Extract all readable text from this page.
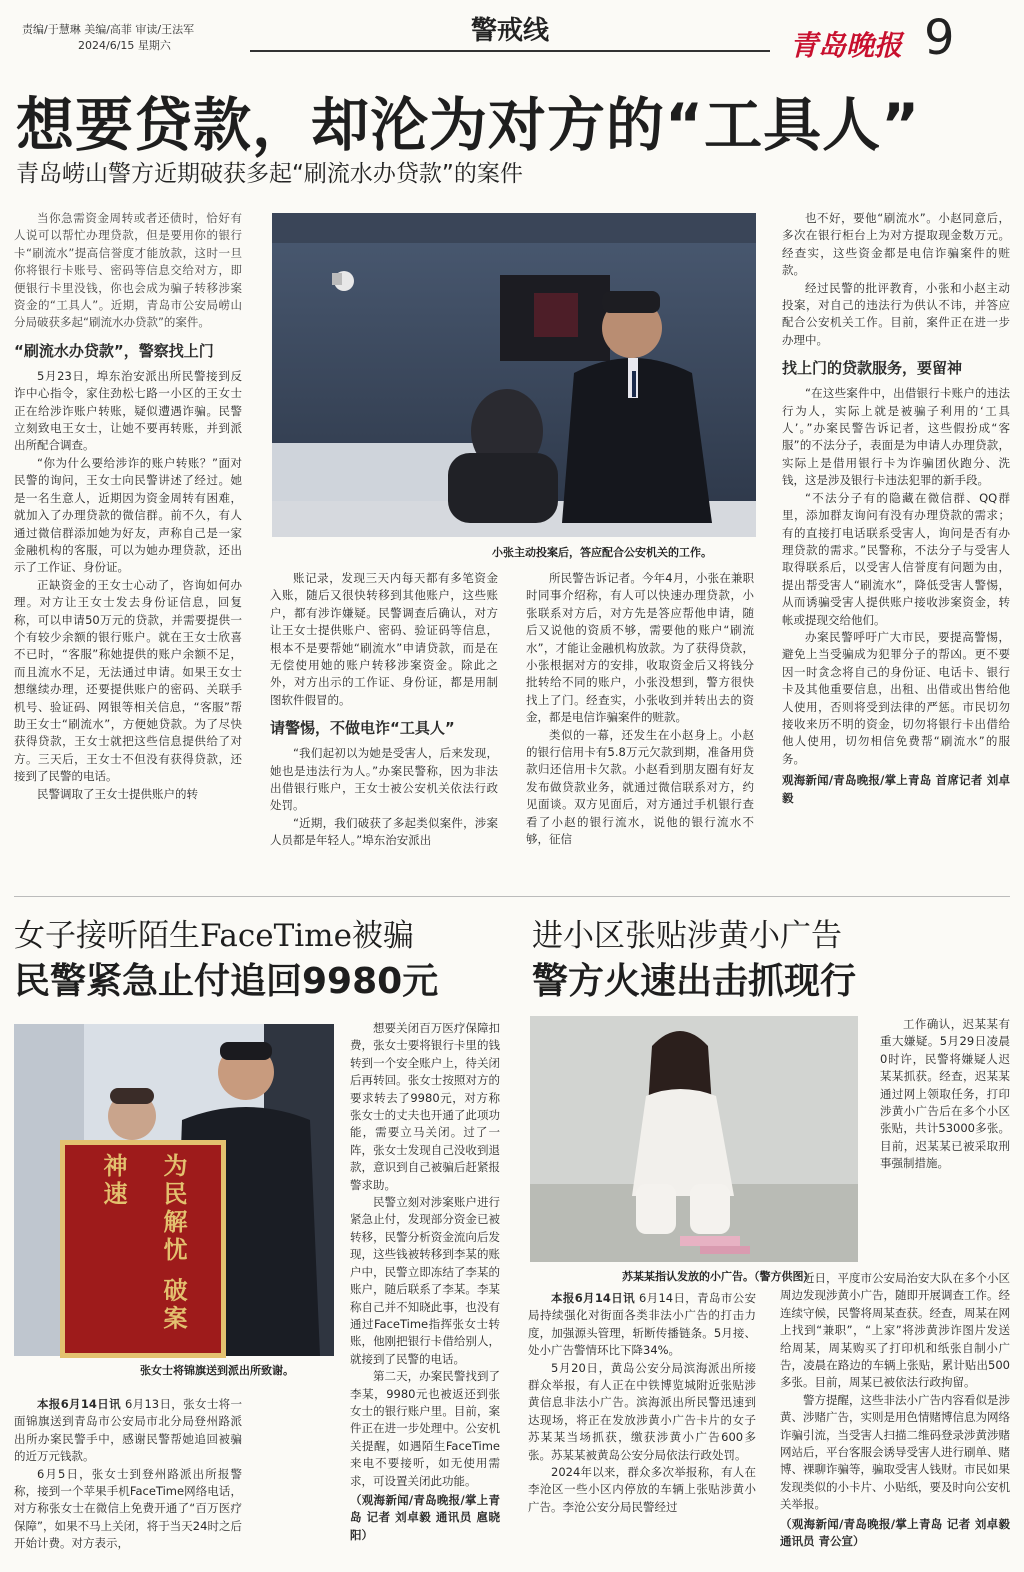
责编/于慧琳 美编/高菲 审读/王法军
2024/6/15 星期六	警戒线	青岛晚报 9
想要贷款，却沦为对方的“工具人”
青岛崂山警方近期破获多起“刷流水办贷款”的案件

当你急需资金周转或者还债时，恰好有人说可以帮忙办理贷款，但是要用你的银行卡“刷流水”提高信誉度才能放款，这时一旦你将银行卡账号、密码等信息交给对方，即便银行卡里没钱，你也会成为骗子转移涉案资金的“工具人”。近期，青岛市公安局崂山分局破获多起“刷流水办贷款”的案件。

“刷流水办贷款”，警察找上门

5月23日，埠东治安派出所民警接到反诈中心指令，家住劲松七路一小区的王女士正在给涉诈账户转账，疑似遭遇诈骗。民警立刻致电王女士，让她不要再转账，并到派出所配合调查。

“你为什么要给涉诈的账户转账？”面对民警的询问，王女士向民警讲述了经过。她是一名生意人，近期因为资金周转有困难，就加入了办理贷款的微信群。前不久，有人通过微信群添加她为好友，声称自己是一家金融机构的客服，可以为她办理贷款，还出示了工作证、身份证。

正缺资金的王女士心动了，咨询如何办理。对方让王女士发去身份证信息，回复称，可以申请50万元的贷款，并需要提供一个有较少余额的银行账户。就在王女士欣喜不已时，“客服”称她提供的账户余额不足，而且流水不足，无法通过申请。如果王女士想继续办理，还要提供账户的密码、关联手机号、验证码、网银等相关信息，“客服”帮助王女士“刷流水”，方便她贷款。为了尽快获得贷款，王女士就把这些信息提供给了对方。三天后，王女士不但没有获得贷款，还接到了民警的电话。

民警调取了王女士提供账户的转

小张主动投案后，答应配合公安机关的工作。

账记录，发现三天内每天都有多笔资金入账，随后又很快转移到其他账户，这些账户，都有涉诈嫌疑。民警调查后确认，对方让王女士提供账户、密码、验证码等信息，根本不是要帮她“刷流水”申请贷款，而是在无偿使用她的账户转移涉案资金。除此之外，对方出示的工作证、身份证，都是用制图软件假冒的。

请警惕，不做电诈“工具人”

“我们起初以为她是受害人，后来发现，她也是违法行为人。”办案民警称，因为非法出借银行账户，王女士被公安机关依法行政处罚。

“近期，我们破获了多起类似案件，涉案人员都是年轻人。”埠东治安派出

所民警告诉记者。今年4月，小张在兼职时同事介绍称，有人可以快速办理贷款，小张联系对方后，对方先是答应帮他申请，随后又说他的资质不够，需要他的账户“刷流水”，才能让金融机构放款。为了获得贷款，小张根据对方的安排，收取资金后又将钱分批转给不同的账户，小张没想到，警方很快找上了门。经查实，小张收到并转出去的资金，都是电信诈骗案件的赃款。

类似的一幕，还发生在小赵身上。小赵的银行信用卡有5.8万元欠款到期，准备用贷款归还信用卡欠款。小赵看到朋友圈有好友发布做贷款业务，就通过微信联系对方，约见面谈。双方见面后，对方通过手机银行查看了小赵的银行流水，说他的银行流水不够，征信

也不好，要他“刷流水”。小赵同意后，多次在银行柜台上为对方提取现金数万元。经查实，这些资金都是电信诈骗案件的赃款。

经过民警的批评教育，小张和小赵主动投案，对自己的违法行为供认不讳，并答应配合公安机关工作。目前，案件正在进一步办理中。

找上门的贷款服务，要留神

“在这些案件中，出借银行卡账户的违法行为人，实际上就是被骗子利用的‘工具人’。”办案民警告诉记者，这些假扮成“客服”的不法分子，表面是为申请人办理贷款，实际上是借用银行卡为诈骗团伙跑分、洗钱，这是涉及银行卡违法犯罪的新手段。

“不法分子有的隐藏在微信群、QQ群里，添加群友询问有没有办理贷款的需求；有的直接打电话联系受害人，询问是否有办理贷款的需求。”民警称，不法分子与受害人取得联系后，以受害人信誉度有问题为由，提出帮受害人“刷流水”，降低受害人警惕，从而诱骗受害人提供账户接收涉案资金，转帐或提现交给他们。

办案民警呼吁广大市民，要提高警惕，避免上当受骗成为犯罪分子的帮凶。更不要因一时贪念将自己的身份证、电话卡、银行卡及其他重要信息，出租、出借或出售给他人使用，否则将受到法律的严惩。市民切勿接收来历不明的资金，切勿将银行卡出借给他人使用，切勿相信免费帮“刷流水”的服务。

观海新闻/青岛晚报/掌上青岛 首席记者 刘卓毅
女子接听陌生FaceTime被骗
民警紧急止付追回9980元
为民解忧 破案神速
张女士将锦旗送到派出所致谢。

本报6月14日讯 6月13日，张女士将一面锦旗送到青岛市公安局市北分局登州路派出所办案民警手中，感谢民警帮她追回被骗的近万元钱款。

6月5日，张女士到登州路派出所报警称，接到一个苹果手机FaceTime网络电话，对方称张女士在微信上免费开通了“百万医疗保障”，如果不马上关闭，将于当天24时之后开始计费。对方表示，

想要关闭百万医疗保障扣费，张女士要将银行卡里的钱转到一个安全账户上，待关闭后再转回。张女士按照对方的要求转去了9980元，对方称张女士的丈夫也开通了此项功能，需要立马关闭。过了一阵，张女士发现自己没收到退款，意识到自己被骗后赶紧报警求助。

民警立刻对涉案账户进行紧急止付，发现部分资金已被转移，民警分析资金流向后发现，这些钱被转移到李某的账户中，民警立即冻结了李某的账户，随后联系了李某。李某称自己并不知晓此事，也没有通过FaceTime指挥张女士转账，他刚把银行卡借给别人，就接到了民警的电话。

第二天，办案民警找到了李某，9980元也被返还到张女士的银行账户里。目前，案件正在进一步处理中。公安机关提醒，如遇陌生FaceTime来电不要接听，如无使用需求，可设置关闭此功能。

（观海新闻/青岛晚报/掌上青岛 记者 刘卓毅 通讯员 扈晓阳）
进小区张贴涉黄小广告
警方火速出击抓现行
苏某某指认发放的小广告。（警方供图）

本报6月14日讯 6月14日，青岛市公安局持续强化对街面各类非法小广告的打击力度，加强源头管理，斩断传播链条。5月接、处小广告警情环比下降34%。

5月20日，黄岛公安分局滨海派出所接群众举报，有人正在中铁博览城附近张贴涉黄信息非法小广告。滨海派出所民警迅速到达现场，将正在发放涉黄小广告卡片的女子苏某某当场抓获，缴获涉黄小广告600多张。苏某某被黄岛公安分局依法行政处罚。

2024年以来，群众多次举报称，有人在李沧区一些小区内停放的车辆上张贴涉黄小广告。李沧公安分局民警经过

工作确认，迟某某有重大嫌疑。5月29日凌晨0时许，民警将嫌疑人迟某某抓获。经查，迟某某通过网上领取任务，打印涉黄小广告后在多个小区张贴，共计53000多张。目前，迟某某已被采取刑事强制措施。

近日，平度市公安局治安大队在多个小区周边发现涉黄小广告，随即开展调查工作。经连续守候，民警将周某查获。经查，周某在网上找到“兼职”，“上家”将涉黄涉诈图片发送给周某，周某购买了打印机和纸张自制小广告，凌晨在路边的车辆上张贴，累计贴出500多张。目前，周某已被依法行政拘留。

警方提醒，这些非法小广告内容看似是涉黄、涉赌广告，实则是用色情赌博信息为网络诈骗引流，当受害人扫描二维码登录涉黄涉赌网站后，平台客服会诱导受害人进行刷单、赌博、裸聊诈骗等，骗取受害人钱财。市民如果发现类似的小卡片、小贴纸，要及时向公安机关举报。

（观海新闻/青岛晚报/掌上青岛 记者 刘卓毅 通讯员 青公宣）
